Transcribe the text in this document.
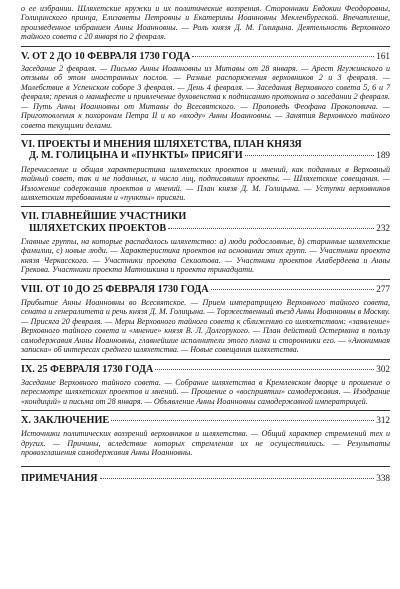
о ее избрании. Шляхетские кружки и их политические воззрения. Сторонники Евдокии Феодоровны, Голицинского принца, Елизаветы Петровны и Екатерины Иоанновны Мекленбургской. Впечатление, произведенное избранием Анны Иоанновны. — Роль князя Д. М. Голицына. Деятельность Верховного тайного совета с 20 января по 2 февраля.

V. ОТ 2 ДО 10 ФЕВРАЛЯ 1730 ГОДА	161

Заседание 2 февраля. — Письмо Анны Иоанновны из Митавы от 28 января. — Арест Ягужинского и отзывы об этом иностранных послов. — Разные распоряжения верховников 2 и 3 февраля. — Молебствие в Успенском соборе 3 февраля. — День 4 февраля. — Заседания Верховного совета 5, 6 и 7 февраля; прения о манифесте и привлечение духовенства к подписанию протокола о заседании 2 февраля. — Путь Анны Иоанновны от Митавы до Всесвятского. — Проповедь Феофана Прокоповича. — Приготовления к похоронам Петра II и ко «входу» Анны Иоанновны. — Занятия Верховного тайного совета текущими делами.

VI. ПРОЕКТЫ И МНЕНИЯ ШЛЯХЕТСТВА, ПЛАН КНЯЗЯ
Д. М. ГОЛИЦЫНА И «ПУНКТЫ» ПРИСЯГИ	189

Перечисление и общая характеристика шляхетских проектов и мнений, как поданных в Верховный тайный совет, так и не поданных, и число лиц, подписавших проекты. — Шляхетские совещания. — Изложение содержания проектов и мнений. — План князя Д. М. Голицына. — Уступки верховников шляхетским требованиям и «пункты» присяги.

VII. ГЛАВНЕЙШИЕ УЧАСТНИКИ
ШЛЯХЕТСКИХ ПРОЕКТОВ	232

Главные группы, на которые распадалось шляхетство: а) люди родословные, b) старинные шляхетские фамилии, с) новые люди. — Характеристика проектов на основании этих групп. — Участники проекта князя Черкасского. — Участники проекта Секиотова. — Участники проектов Алабердеева и Анны Грекова. Участники проекта Матюшкина и проекта тринадцати.

VIII. ОТ 10 ДО 25 ФЕВРАЛЯ 1730 ГОДА	277

Прибытие Анны Иоанновны во Всесвятское. — Прием императрицею Верховного тайного совета, сената и генералитета и речь князя Д. М. Голицына. — Торжественный въезд Анны Иоанновны в Москву. — Присяга 20 февраля. — Меры Верховного тайного совета к сближению со шляхетством: «заявление» Верховного тайного совета и «мнение» князя В. Л. Долгорукого. — План действий Остермана в пользу самодержавия Анны Иоанновны, главнейшие исполнители этого плана и сторонники его. — «Анонимная записка» об интересах среднего шляхетства. — Новые совещания шляхетства.

IX. 25 ФЕВРАЛЯ 1730 ГОДА	302

Заседание Верховного тайного совета. — Собрание шляхетства в Кремлевском дворце и прошение о пересмотре шляхетских проектов и мнений. — Прошение о «восприятии» самодержавия. — Изодрание «кондиций» и письма от 28 января. — Объявление Анны Иоанновны самодержавной императрицей.

X. ЗАКЛЮЧЕНИЕ	312

Источники политических воззрений верховников и шляхетства. — Общий характер стремлений тех и других. — Причины, вследствие которых стремления их не осуществились. — Результаты провозглашения самодержавия Анны Иоанновны.

ПРИМЕЧАНИЯ	338
